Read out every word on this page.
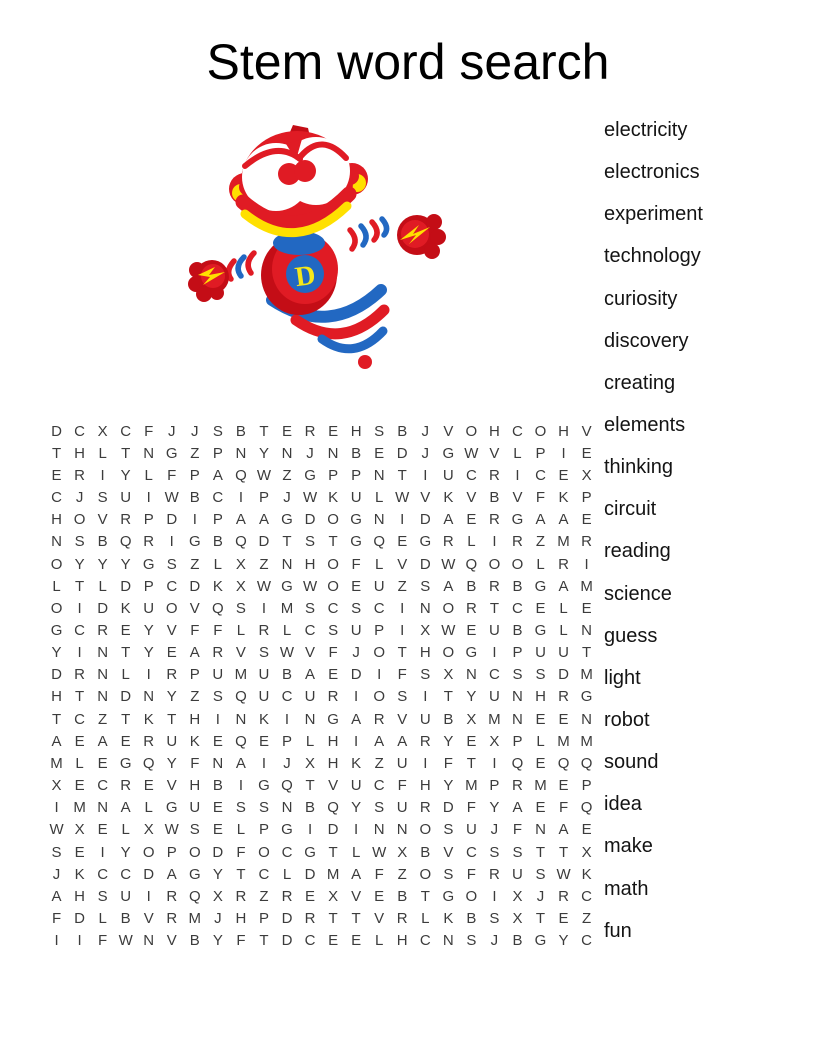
Stem word search
D
D C X C F J	J S B T E R E H S B J V O H C O H V
T H L T N G Z P N Y N J N B E D J G W V L P	I	E
E R	I	Y L F P A Q W Z G P P N T	I	U C R	I	C E X
C J S U	I W B C	I	P J W K U L W V K V B V F K P
H O V R P D	I	P A A G D O G N	I	D A E R G A A E
N S B Q R	I	G B Q D T S T G Q E G R L	I	R Z M R
O Y Y Y G S Z L X Z N H O F L V D W Q O O L R	I
L T L D P C D K X W G W O E U Z S A B R B G A M
O	I	D K U O V Q S	I M S C S C	I	N O R T C E L E
G C R E Y V F F L R L C S U P	I	X W E U B G L N
Y	I	N T Y E A R V S W V F J O T H O G	I	P U U T
D R N L	I	R P U M U B A E D	I	F S X N C S S D M
H T N D N Y Z S Q U C U R	I	O S	I	T Y U N H R G
T C Z T K T H	I	N K	I	N G A R V U B X M N E E N
A E A E R U K E Q E P L H	I	A A R Y E X P L M M
M L E G Q Y F N A	I	J X H K Z U	I	F T	I	Q E Q Q
X E C R E V H B	I	G Q T V U C F H Y M P R M E P
I M N A L G U E S S N B Q Y S U R D F Y A E F Q
W X E L X W S E L P G	I	D	I	N N O S U J F N A E
S E	I	Y O P O D F O C G T L W X B V C S S T T X
J K C C D A G Y T C L D M A F Z O S F R U S W K
A H S U	I	R Q X R Z R E X V E B T G O	I	X J R C
F D L B V R M J H P D R T T V R L K B S X T E Z
I	I	F W N V B Y F T D C E E L H C N S J B G Y C
electricity
electronics
experiment
technology
curiosity
discovery
creating
elements
thinking
circuit
reading
science
guess
light
robot
sound
idea
make
math
fun
